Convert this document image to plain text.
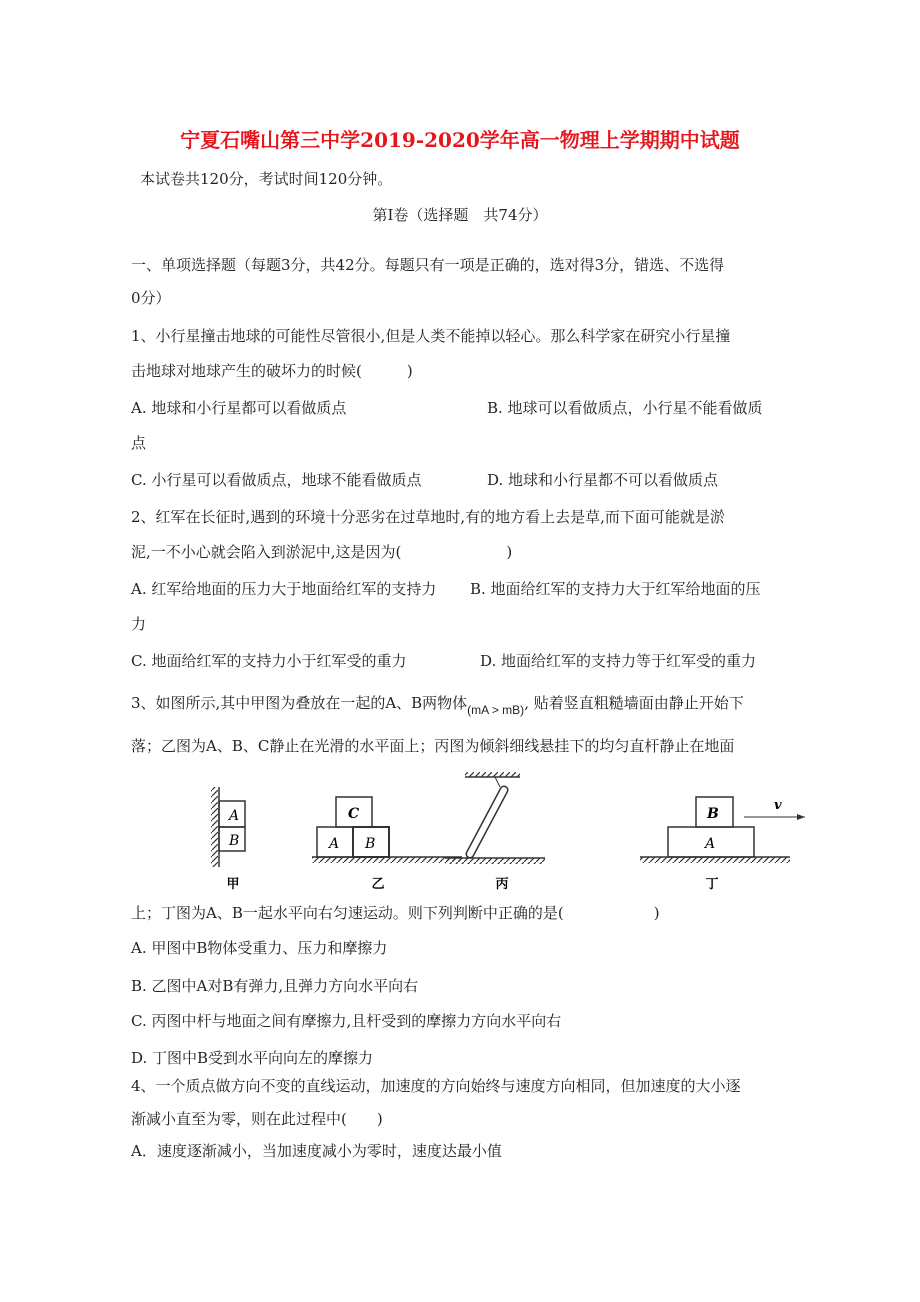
宁夏石嘴山第三中学2019-2020学年高一物理上学期期中试题
本试卷共120分，考试时间120分钟。
第Ⅰ卷（选择题　共74分）
一、单项选择题（每题3分，共42分。每题只有一项是正确的，选对得3分，错选、不选得
0分）
1、小行星撞击地球的可能性尽管很小,但是人类不能掉以轻心。那么科学家在研究小行星撞
击地球对地球产生的破坏力的时候(　　　)
A. 地球和小行星都可以看做质点	B. 地球可以看做质点，小行星不能看做质
点
C. 小行星可以看做质点，地球不能看做质点	D. 地球和小行星都不可以看做质点
2、红军在长征时,遇到的环境十分恶劣在过草地时,有的地方看上去是草,而下面可能就是淤
泥,一不小心就会陷入到淤泥中,这是因为(　　　　　　　)
A. 红军给地面的压力大于地面给红军的支持力 B. 地面给红军的支持力大于红军给地面的压
力
C. 地面给红军的支持力小于红军受的重力	D. 地面给红军的支持力等于红军受的重力
3、如图所示,其中甲图为叠放在一起的A、B两物体$_{(mA > mB)}$, 贴着竖直粗糙墙面由静止开始下
落；乙图为A、B、C静止在光滑的水平面上；丙图为倾斜细线悬挂下的均匀直杆静止在地面
A
B
甲
C
A B
乙	丙
B
A
v
丁
上；丁图为A、B一起水平向右匀速运动。则下列判断中正确的是(　　　　　　)
A. 甲图中B物体受重力、压力和摩擦力
B. 乙图中A对B有弹力,且弹力方向水平向右
C. 丙图中杆与地面之间有摩擦力,且杆受到的摩擦力方向水平向右
D. 丁图中B受到水平向向左的摩擦力
4、一个质点做方向不变的直线运动，加速度的方向始终与速度方向相同，但加速度的大小逐
渐减小直至为零，则在此过程中(　　)
A．速度逐渐减小，当加速度减小为零时，速度达最小值
